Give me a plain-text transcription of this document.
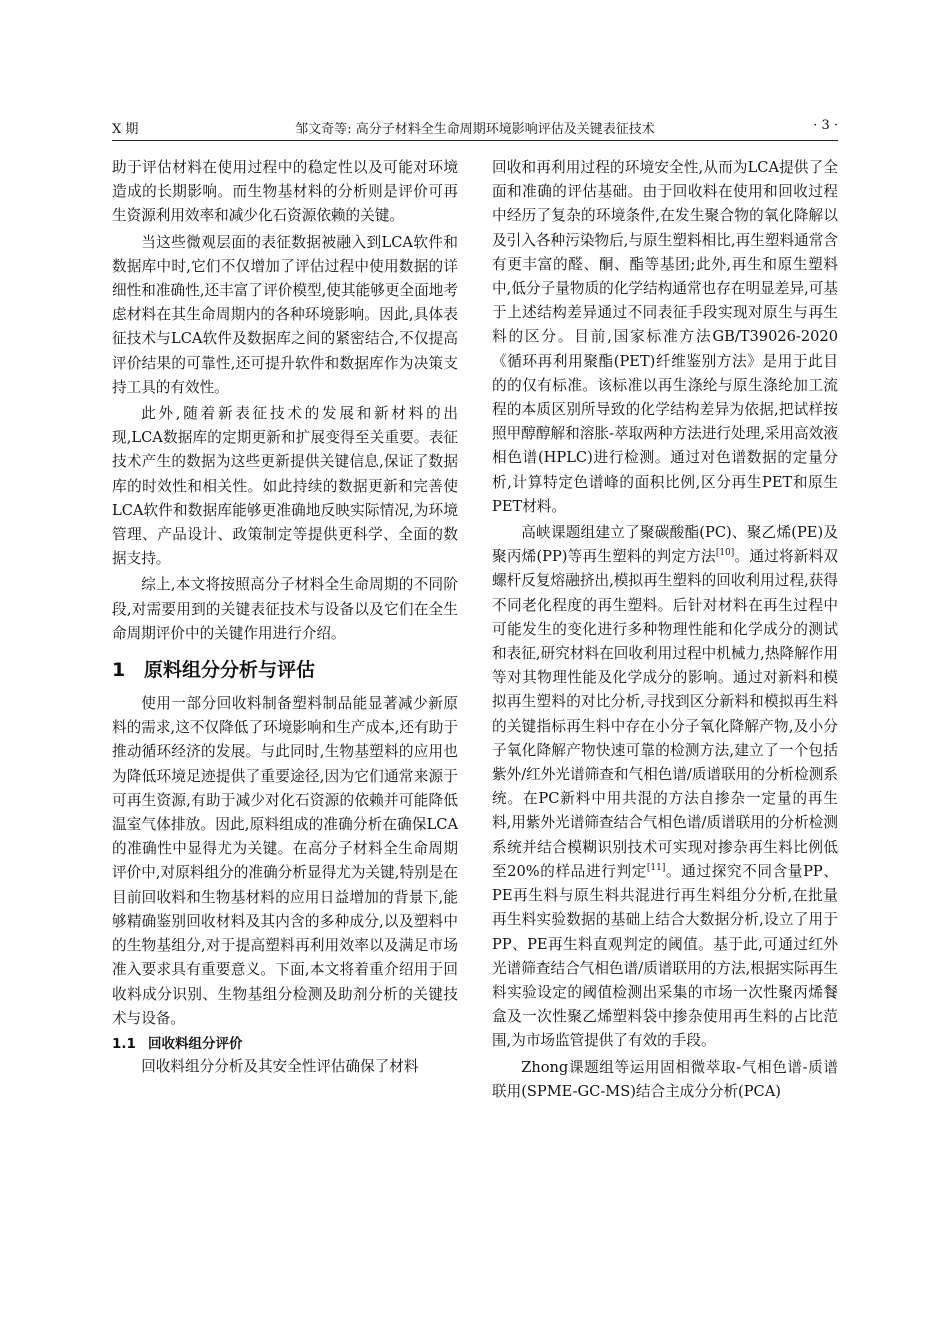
X 期	邹文奇等: 高分子材料全生命周期环境影响评估及关键表征技术	· 3 ·

助于评估材料在使用过程中的稳定性以及可能对环境造成的长期影响。而生物基材料的分析则是评价可再生资源利用效率和减少化石资源依赖的关键。

当这些微观层面的表征数据被融入到LCA软件和数据库中时,它们不仅增加了评估过程中使用数据的详细性和准确性,还丰富了评价模型,使其能够更全面地考虑材料在其生命周期内的各种环境影响。因此,具体表征技术与LCA软件及数据库之间的紧密结合,不仅提高评价结果的可靠性,还可提升软件和数据库作为决策支持工具的有效性。

此外,随着新表征技术的发展和新材料的出现,LCA数据库的定期更新和扩展变得至关重要。表征技术产生的数据为这些更新提供关键信息,保证了数据库的时效性和相关性。如此持续的数据更新和完善使LCA软件和数据库能够更准确地反映实际情况,为环境管理、产品设计、政策制定等提供更科学、全面的数据支持。

综上,本文将按照高分子材料全生命周期的不同阶段,对需要用到的关键表征技术与设备以及它们在全生命周期评价中的关键作用进行介绍。

1 原料组分分析与评估

使用一部分回收料制备塑料制品能显著减少新原料的需求,这不仅降低了环境影响和生产成本,还有助于推动循环经济的发展。与此同时,生物基塑料的应用也为降低环境足迹提供了重要途径,因为它们通常来源于可再生资源,有助于减少对化石资源的依赖并可能降低温室气体排放。因此,原料组成的准确分析在确保LCA的准确性中显得尤为关键。在高分子材料全生命周期评价中,对原料组分的准确分析显得尤为关键,特别是在目前回收料和生物基材料的应用日益增加的背景下,能够精确鉴别回收材料及其内含的多种成分,以及塑料中的生物基组分,对于提高塑料再利用效率以及满足市场准入要求具有重要意义。下面,本文将着重介绍用于回收料成分识别、生物基组分检测及助剂分析的关键技术与设备。

1.1 回收料组分评价

回收料组分分析及其安全性评估确保了材料

回收和再利用过程的环境安全性,从而为LCA提供了全面和准确的评估基础。由于回收料在使用和回收过程中经历了复杂的环境条件,在发生聚合物的氧化降解以及引入各种污染物后,与原生塑料相比,再生塑料通常含有更丰富的醛、酮、酯等基团;此外,再生和原生塑料中,低分子量物质的化学结构通常也存在明显差异,可基于上述结构差异通过不同表征手段实现对原生与再生料的区分。目前,国家标准方法GB/T39026-2020《循环再利用聚酯(PET)纤维鉴别方法》是用于此目的的仅有标准。该标准以再生涤纶与原生涤纶加工流程的本质区别所导致的化学结构差异为依据,把试样按照甲醇醇解和溶胀-萃取两种方法进行处理,采用高效液相色谱(HPLC)进行检测。通过对色谱数据的定量分析,计算特定色谱峰的面积比例,区分再生PET和原生PET材料。

高峡课题组建立了聚碳酸酯(PC)、聚乙烯(PE)及聚丙烯(PP)等再生塑料的判定方法[10]。通过将新料双螺杆反复熔融挤出,模拟再生塑料的回收利用过程,获得不同老化程度的再生塑料。后针对材料在再生过程中可能发生的变化进行多种物理性能和化学成分的测试和表征,研究材料在回收利用过程中机械力,热降解作用等对其物理性能及化学成分的影响。通过对新料和模拟再生塑料的对比分析,寻找到区分新料和模拟再生料的关键指标再生料中存在小分子氧化降解产物,及小分子氧化降解产物快速可靠的检测方法,建立了一个包括紫外/红外光谱筛查和气相色谱/质谱联用的分析检测系统。在PC新料中用共混的方法自掺杂一定量的再生料,用紫外光谱筛查结合气相色谱/质谱联用的分析检测系统并结合模糊识别技术可实现对掺杂再生料比例低至20%的样品进行判定[11]。通过探究不同含量PP、PE再生料与原生料共混进行再生料组分分析,在批量再生料实验数据的基础上结合大数据分析,设立了用于PP、PE再生料直观判定的阈值。基于此,可通过红外光谱筛查结合气相色谱/质谱联用的方法,根据实际再生料实验设定的阈值检测出采集的市场一次性聚丙烯餐盒及一次性聚乙烯塑料袋中掺杂使用再生料的占比范围,为市场监管提供了有效的手段。

Zhong课题组等运用固相微萃取-气相色谱-质谱联用(SPME-GC-MS)结合主成分分析(PCA)
